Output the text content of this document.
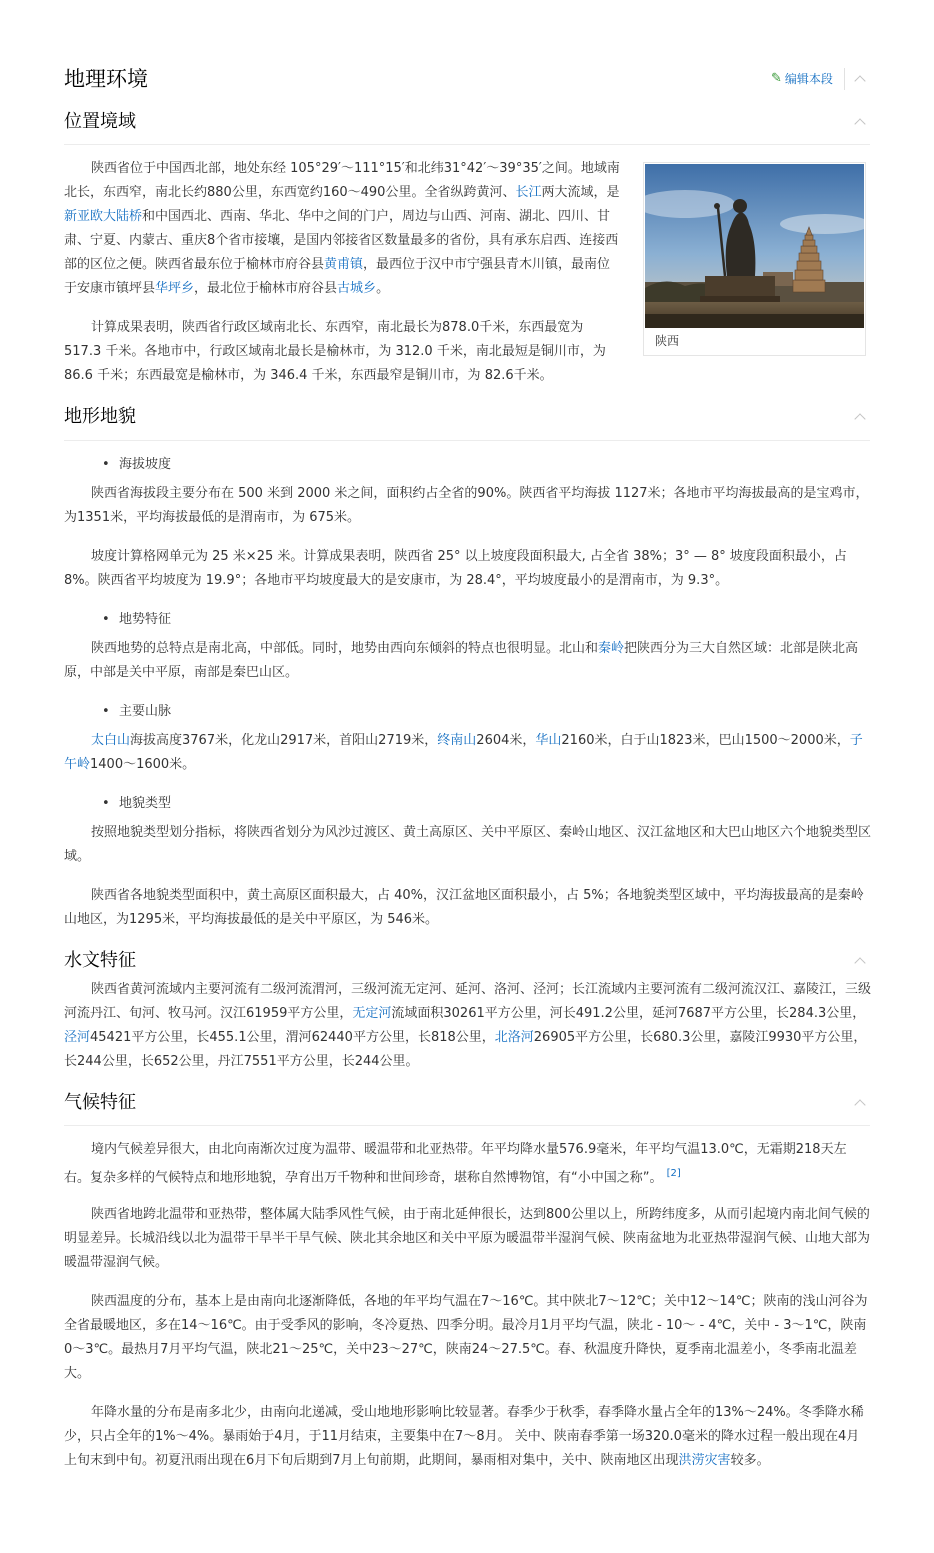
地理环境	✎ 编辑本段
位置境域

陕西省位于中国西北部，地处东经 105°29′～111°15′和北纬31°42′～39°35′之间。地域南北长，东西窄，南北长约880公里，东西宽约160～490公里。全省纵跨黄河、长江两大流域，是新亚欧大陆桥和中国西北、西南、华北、华中之间的门户，周边与山西、河南、湖北、四川、甘肃、宁夏、内蒙古、重庆8个省市接壤，是国内邻接省区数量最多的省份，具有承东启西、连接西部的区位之便。陕西省最东位于榆林市府谷县黄甫镇，最西位于汉中市宁强县青木川镇，最南位于安康市镇坪县华坪乡，最北位于榆林市府谷县古城乡。

陕西

计算成果表明，陕西省行政区域南北长、东西窄，南北最长为878.0千米，东西最宽为517.3 千米。各地市中，行政区域南北最长是榆林市，为 312.0 千米，南北最短是铜川市，为 86.6 千米；东西最宽是榆林市，为 346.4 千米，东西最窄是铜川市，为 82.6千米。

地形地貌
• 海拔坡度

陕西省海拔段主要分布在 500 米到 2000 米之间，面积约占全省的90%。陕西省平均海拔 1127米；各地市平均海拔最高的是宝鸡市，为1351米，平均海拔最低的是渭南市，为 675米。

坡度计算格网单元为 25 米×25 米。计算成果表明，陕西省 25° 以上坡度段面积最大, 占全省 38%；3° — 8° 坡度段面积最小，占 8%。陕西省平均坡度为 19.9°；各地市平均坡度最大的是安康市，为 28.4°，平均坡度最小的是渭南市，为 9.3°。

• 地势特征

陕西地势的总特点是南北高，中部低。同时，地势由西向东倾斜的特点也很明显。北山和秦岭把陕西分为三大自然区域：北部是陕北高原，中部是关中平原，南部是秦巴山区。

• 主要山脉

太白山海拔高度3767米，化龙山2917米，首阳山2719米，终南山2604米，华山2160米，白于山1823米，巴山1500～2000米，子午岭1400～1600米。

• 地貌类型

按照地貌类型划分指标，将陕西省划分为风沙过渡区、黄土高原区、关中平原区、秦岭山地区、汉江盆地区和大巴山地区六个地貌类型区域。

陕西省各地貌类型面积中，黄土高原区面积最大，占 40%，汉江盆地区面积最小，占 5%；各地貌类型区域中，平均海拔最高的是秦岭山地区，为1295米，平均海拔最低的是关中平原区，为 546米。

水文特征

陕西省黄河流域内主要河流有二级河流渭河，三级河流无定河、延河、洛河、泾河；长江流域内主要河流有二级河流汉江、嘉陵江，三级河流丹江、旬河、牧马河。汉江61959平方公里，无定河流域面积30261平方公里，河长491.2公里，延河7687平方公里，长284.3公里，泾河45421平方公里，长455.1公里，渭河62440平方公里，长818公里，北洛河26905平方公里，长680.3公里，嘉陵江9930平方公里，长244公里，长652公里，丹江7551平方公里，长244公里。

气候特征

境内气候差异很大，由北向南渐次过度为温带、暖温带和北亚热带。年平均降水量576.9毫米，年平均气温13.0℃，无霜期218天左右。复杂多样的气候特点和地形地貌，孕育出万千物种和世间珍奇，堪称自然博物馆，有“小中国之称”。 [2]

陕西省地跨北温带和亚热带，整体属大陆季风性气候，由于南北延伸很长，达到800公里以上，所跨纬度多，从而引起境内南北间气候的明显差异。长城沿线以北为温带干旱半干旱气候、陕北其余地区和关中平原为暖温带半湿润气候、陕南盆地为北亚热带湿润气候、山地大部为暖温带湿润气候。

陕西温度的分布，基本上是由南向北逐渐降低，各地的年平均气温在7～16℃。其中陕北7～12℃；关中12～14℃；陕南的浅山河谷为全省最暖地区，多在14～16℃。由于受季风的影响，冬冷夏热、四季分明。最冷月1月平均气温，陕北 - 10～ - 4℃，关中 - 3～1℃，陕南0～3℃。最热月7月平均气温，陕北21～25℃，关中23～27℃，陕南24～27.5℃。春、秋温度升降快，夏季南北温差小，冬季南北温差大。

年降水量的分布是南多北少，由南向北递减，受山地地形影响比较显著。春季少于秋季，春季降水量占全年的13%～24%。冬季降水稀少，只占全年的1%～4%。暴雨始于4月，于11月结束，主要集中在7～8月。 关中、陕南春季第一场320.0毫米的降水过程一般出现在4月上旬末到中旬。初夏汛雨出现在6月下旬后期到7月上旬前期，此期间，暴雨相对集中，关中、陕南地区出现洪涝灾害较多。
